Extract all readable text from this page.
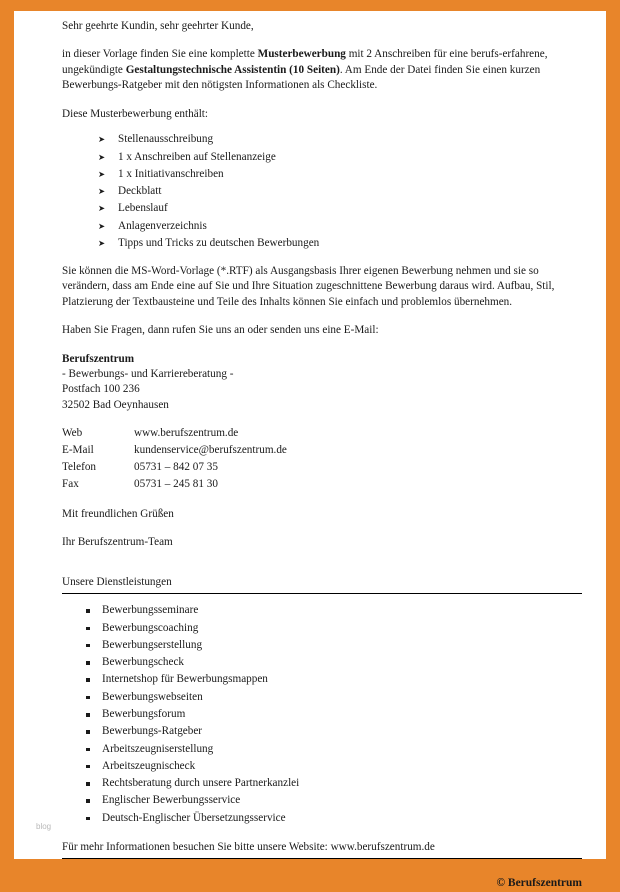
Sehr geehrte Kundin, sehr geehrter Kunde,

in dieser Vorlage finden Sie eine komplette Musterbewerbung mit 2 Anschreiben für eine berufs-erfahrene, ungekündigte Gestaltungstechnische Assistentin (10 Seiten). Am Ende der Datei finden Sie einen kurzen Bewerbungs-Ratgeber mit den nötigsten Informationen als Checkliste.

Diese Musterbewerbung enthält:

➤ Stellenausschreibung
➤ 1 x Anschreiben auf Stellenanzeige
➤ 1 x Initiativanschreiben
➤ Deckblatt
➤ Lebenslauf
➤ Anlagenverzeichnis
➤ Tipps und Tricks zu deutschen Bewerbungen

Sie können die MS-Word-Vorlage (*.RTF) als Ausgangsbasis Ihrer eigenen Bewerbung nehmen und sie so verändern, dass am Ende eine auf Sie und Ihre Situation zugeschnittene Bewerbung daraus wird. Aufbau, Stil, Platzierung der Textbausteine und Teile des Inhalts können Sie einfach und problemlos übernehmen.

Haben Sie Fragen, dann rufen Sie uns an oder senden uns eine E-Mail:

Berufszentrum
- Bewerbungs- und Karriereberatung -
Postfach 100 236
32502 Bad Oeynhausen
Web	www.berufszentrum.de
E-Mail	kundenservice@berufszentrum.de
Telefon	05731 – 842 07 35
Fax	05731 – 245 81 30

Mit freundlichen Grüßen

Ihr Berufszentrum-Team

Unsere Dienstleistungen
Bewerbungsseminare
Bewerbungscoaching
Bewerbungserstellung
Bewerbungscheck
Internetshop für Bewerbungsmappen
Bewerbungswebseiten
Bewerbungsforum
Bewerbungs-Ratgeber
Arbeitszeugniserstellung
Arbeitszeugnischeck
Rechtsberatung durch unsere Partnerkanzlei
Englischer Bewerbungsservice
Deutsch-Englischer Übersetzungsservice
Für mehr Informationen besuchen Sie bitte unsere Website: www.berufszentrum.de
© Berufszentrum
blog
